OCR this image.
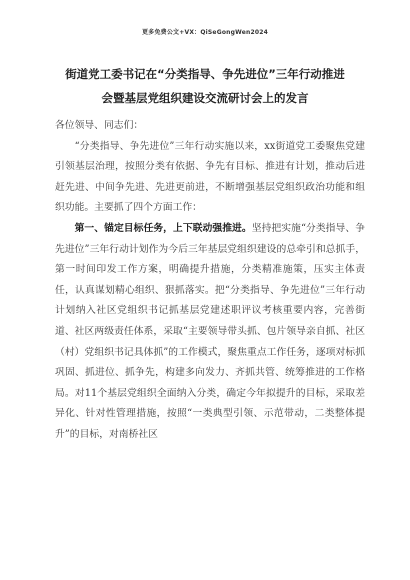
更多免费公文+VX：QiSeGongWen2024
街道党工委书记在“分类指导、争先进位”三年行动推进
会暨基层党组织建设交流研讨会上的发言

各位领导、同志们：

“分类指导、争先进位”三年行动实施以来，xx街道党工委聚焦党建引领基层治理，按照分类有依据、争先有目标、推进有计划，推动后进赶先进、中间争先进、先进更前进，不断增强基层党组织政治功能和组织功能。主要抓了四个方面工作：

第一、锚定目标任务，上下联动强推进。坚持把实施“分类指导、争先进位”三年行动计划作为今后三年基层党组织建设的总牵引和总抓手，第一时间印发工作方案，明确提升措施，分类精准施策，压实主体责任，认真谋划精心组织、狠抓落实。把“分类指导、争先进位”三年行动计划纳入社区党组织书记抓基层党建述职评议考核重要内容，完善街道、社区两级责任体系，采取“主要领导带头抓、包片领导亲自抓、社区（村）党组织书记具体抓”的工作模式，聚焦重点工作任务，逐项对标抓巩固、抓进位、抓争先，构建多向发力、齐抓共管、统筹推进的工作格局。对11个基层党组织全面纳入分类，确定今年拟提升的目标，采取差异化、针对性管理措施，按照“一类典型引领、示范带动，二类整体提升”的目标，对南桥社区
